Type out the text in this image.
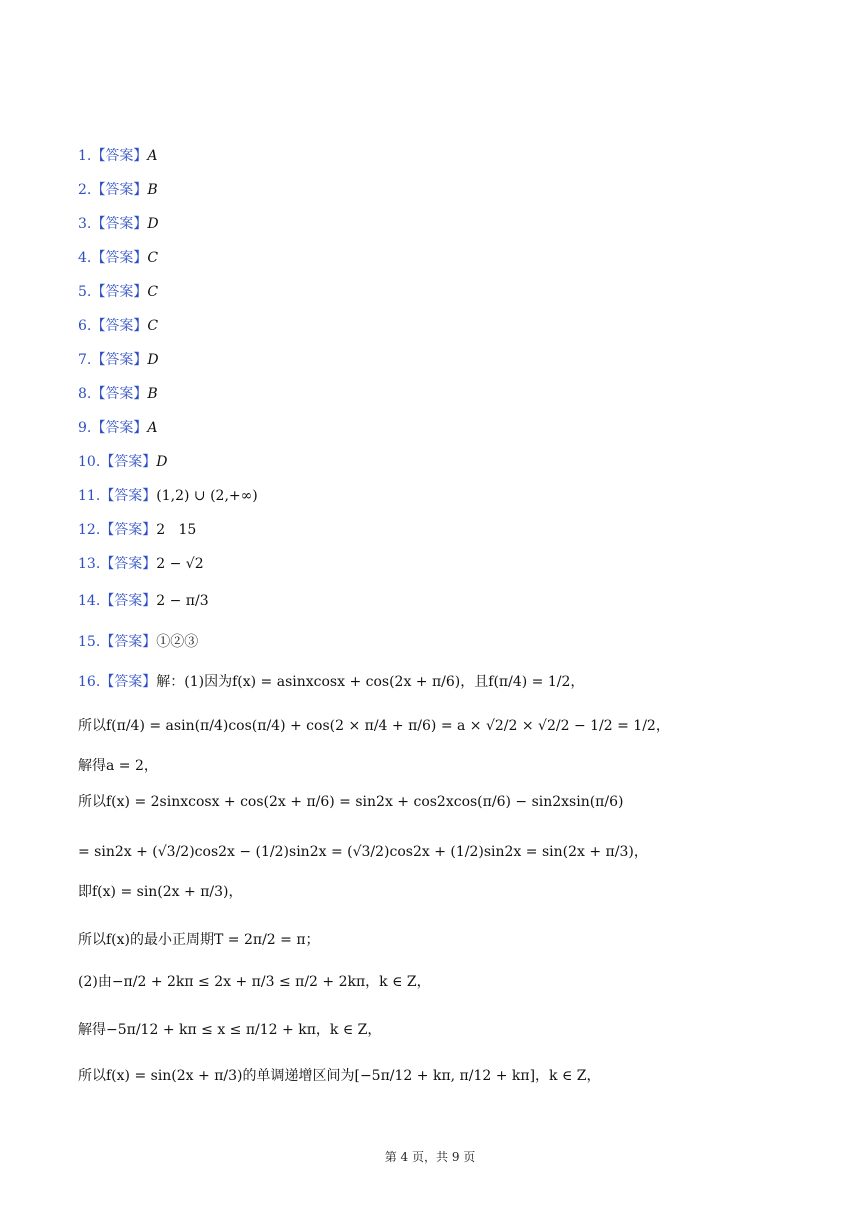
1.【答案】A
2.【答案】B
3.【答案】D
4.【答案】C
5.【答案】C
6.【答案】C
7.【答案】D
8.【答案】B
9.【答案】A
10.【答案】D
11.【答案】(1,2) ∪ (2,+∞)
12.【答案】2   15
13.【答案】2 − √2
14.【答案】2 − π/3
15.【答案】①②③
16.【答案】解：(1)因为f(x) = asinxcosx + cos(2x + π/6)，且f(π/4) = 1/2，
所以f(π/4) = asin(π/4)cos(π/4) + cos(2 × π/4 + π/6) = a × √2/2 × √2/2 − 1/2 = 1/2，
解得a = 2，
所以f(x) = 2sinxcosx + cos(2x + π/6) = sin2x + cos2xcos(π/6) − sin2xsin(π/6)
= sin2x + (√3/2)cos2x − (1/2)sin2x = (√3/2)cos2x + (1/2)sin2x = sin(2x + π/3)，
即f(x) = sin(2x + π/3)，
所以f(x)的最小正周期T = 2π/2 = π；
(2)由−π/2 + 2kπ ≤ 2x + π/3 ≤ π/2 + 2kπ，k ∈ Z，
解得−5π/12 + kπ ≤ x ≤ π/12 + kπ，k ∈ Z，
所以f(x) = sin(2x + π/3)的单调递增区间为[−5π/12 + kπ, π/12 + kπ]，k ∈ Z，
第 4 页，共 9 页
